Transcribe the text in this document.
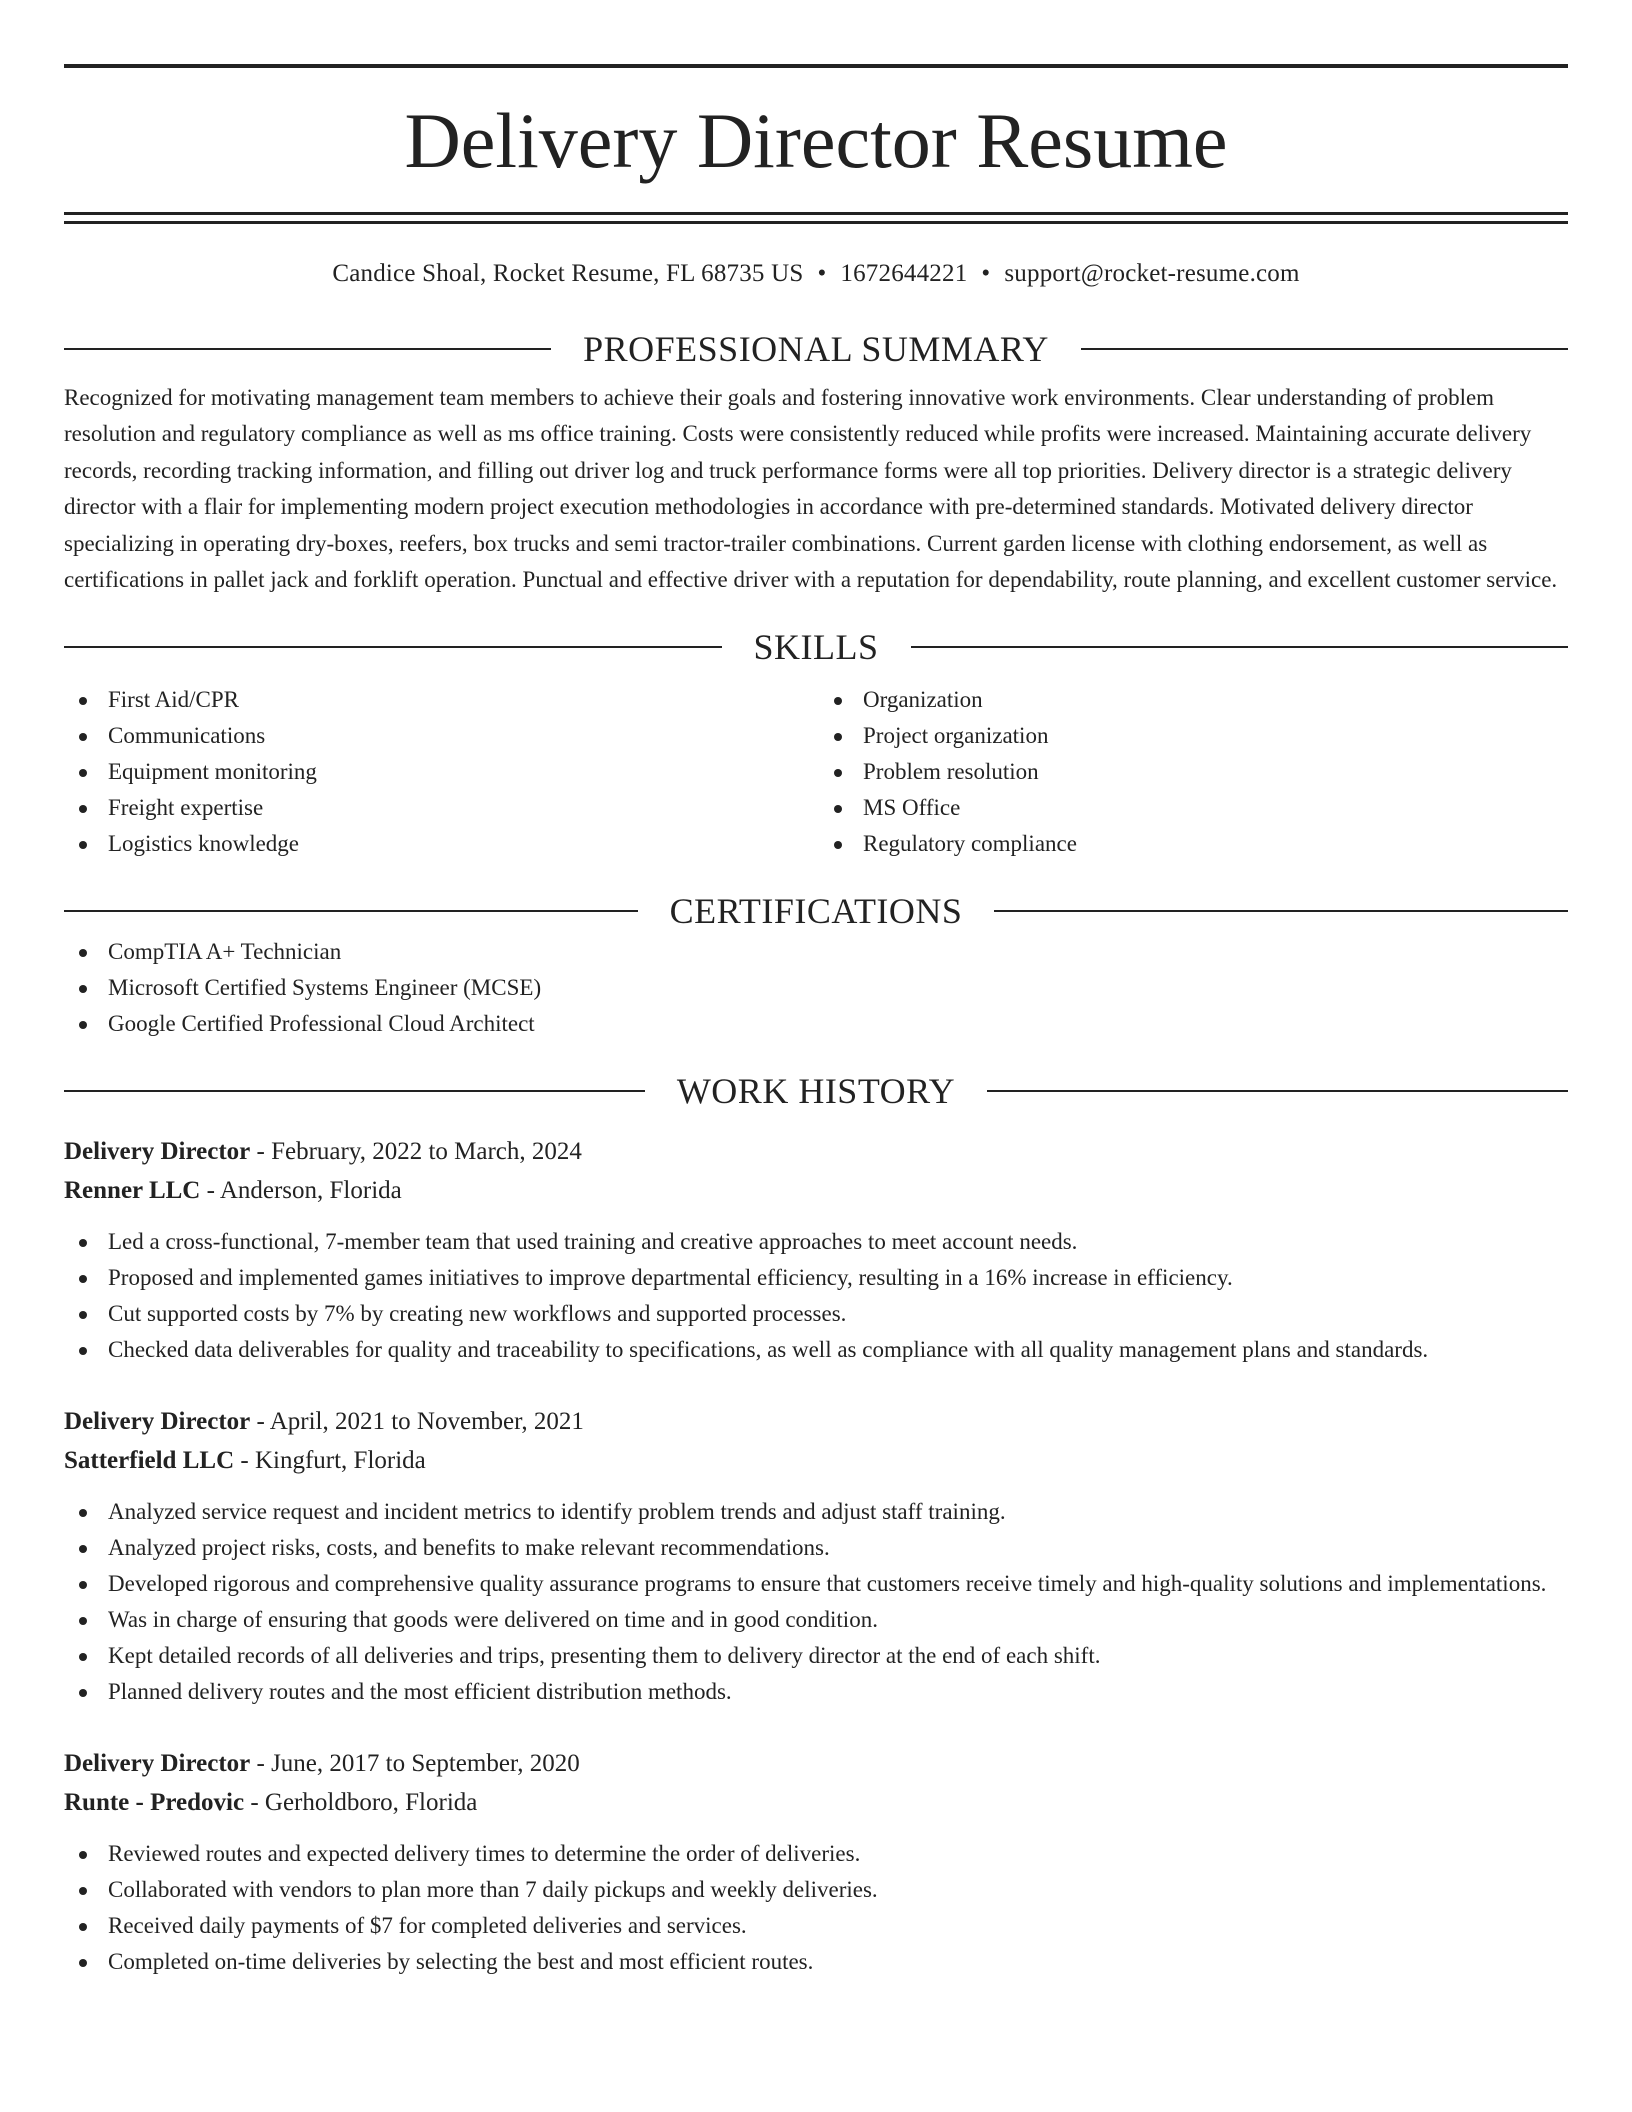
Delivery Director Resume
Candice Shoal, Rocket Resume, FL 68735 US • 1672644221 • support@rocket-resume.com
PROFESSIONAL SUMMARY
Recognized for motivating management team members to achieve their goals and fostering innovative work environments. Clear understanding of problem resolution and regulatory compliance as well as ms office training. Costs were consistently reduced while profits were increased. Maintaining accurate delivery records, recording tracking information, and filling out driver log and truck performance forms were all top priorities. Delivery director is a strategic delivery director with a flair for implementing modern project execution methodologies in accordance with pre-determined standards. Motivated delivery director specializing in operating dry-boxes, reefers, box trucks and semi tractor-trailer combinations. Current garden license with clothing endorsement, as well as certifications in pallet jack and forklift operation. Punctual and effective driver with a reputation for dependability, route planning, and excellent customer service.
SKILLS
First Aid/CPR
Communications
Equipment monitoring
Freight expertise
Logistics knowledge
Organization
Project organization
Problem resolution
MS Office
Regulatory compliance
CERTIFICATIONS
CompTIA A+ Technician
Microsoft Certified Systems Engineer (MCSE)
Google Certified Professional Cloud Architect
WORK HISTORY
Delivery Director - February, 2022 to March, 2024
Renner LLC - Anderson, Florida
Led a cross-functional, 7-member team that used training and creative approaches to meet account needs.
Proposed and implemented games initiatives to improve departmental efficiency, resulting in a 16% increase in efficiency.
Cut supported costs by 7% by creating new workflows and supported processes.
Checked data deliverables for quality and traceability to specifications, as well as compliance with all quality management plans and standards.
Delivery Director - April, 2021 to November, 2021
Satterfield LLC - Kingfurt, Florida
Analyzed service request and incident metrics to identify problem trends and adjust staff training.
Analyzed project risks, costs, and benefits to make relevant recommendations.
Developed rigorous and comprehensive quality assurance programs to ensure that customers receive timely and high-quality solutions and implementations.
Was in charge of ensuring that goods were delivered on time and in good condition.
Kept detailed records of all deliveries and trips, presenting them to delivery director at the end of each shift.
Planned delivery routes and the most efficient distribution methods.
Delivery Director - June, 2017 to September, 2020
Runte - Predovic - Gerholdboro, Florida
Reviewed routes and expected delivery times to determine the order of deliveries.
Collaborated with vendors to plan more than 7 daily pickups and weekly deliveries.
Received daily payments of $7 for completed deliveries and services.
Completed on-time deliveries by selecting the best and most efficient routes.
